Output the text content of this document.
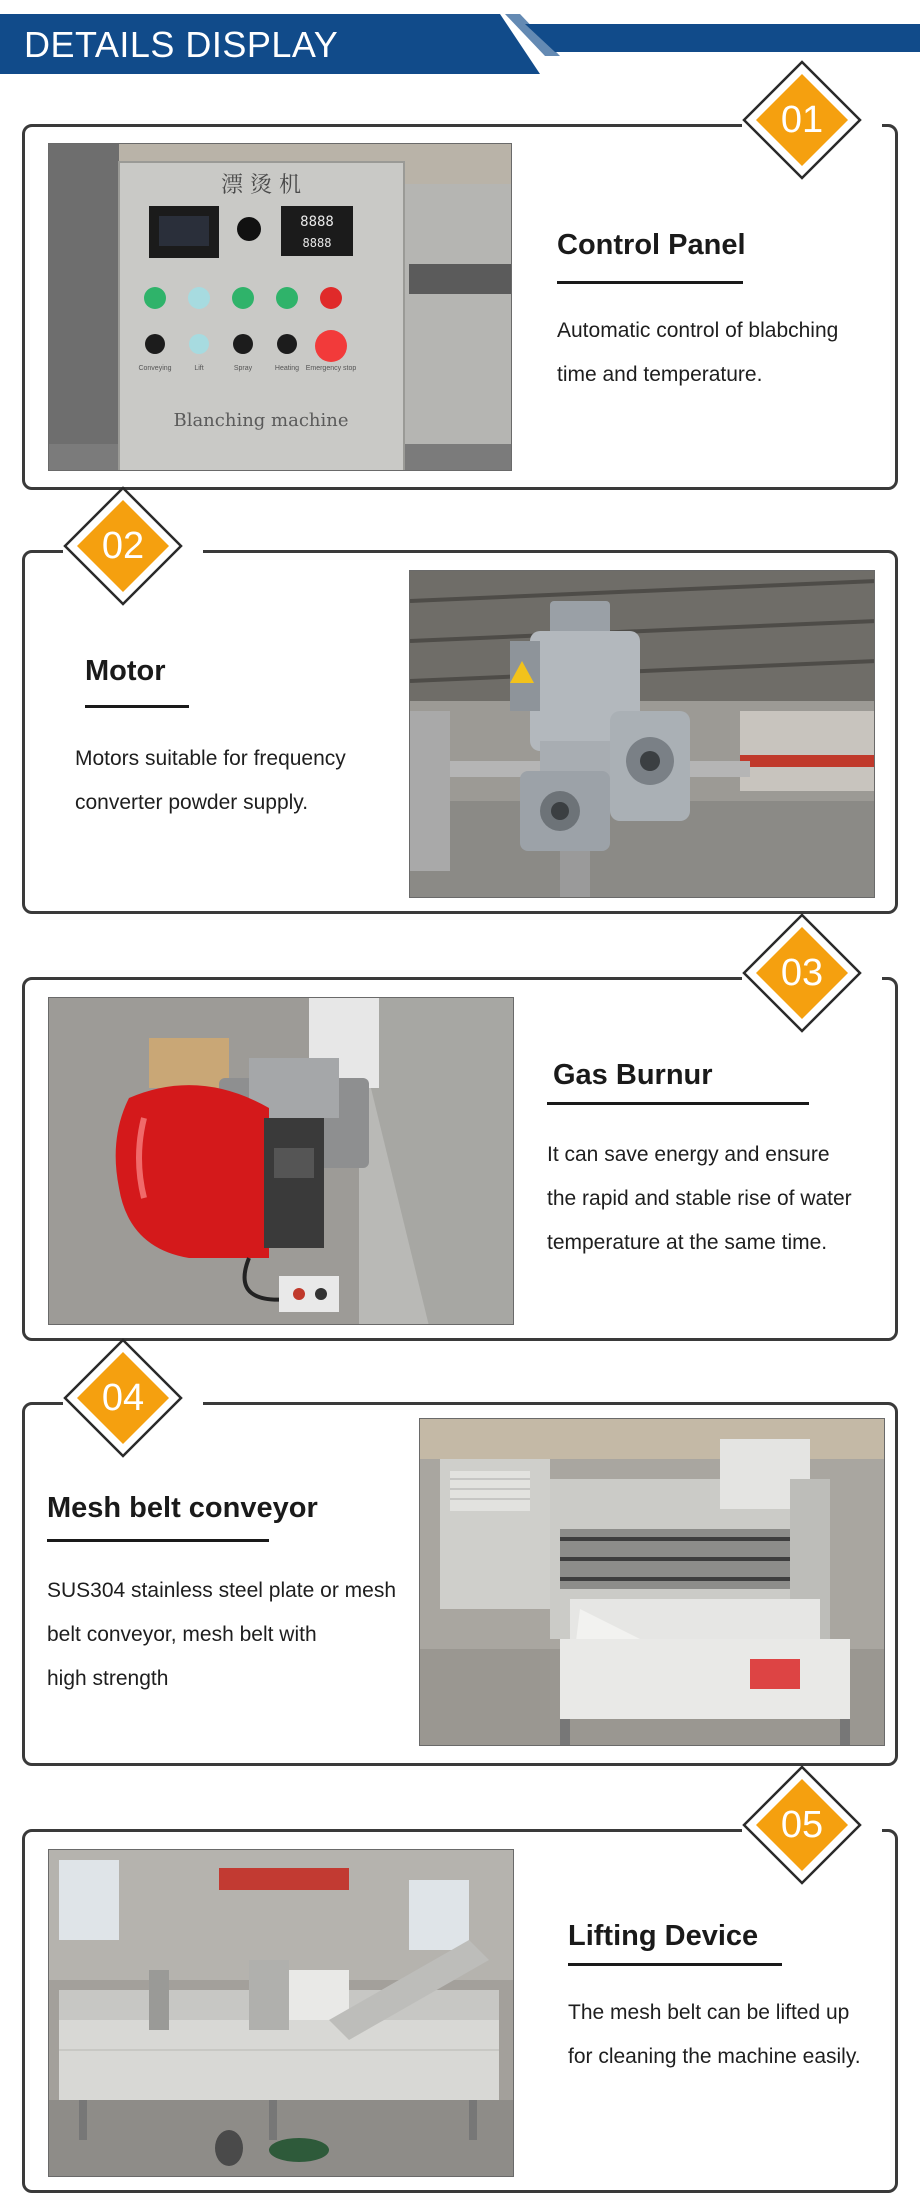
DETAILS DISPLAY
01
漂 烫 机
8888
8888
Conveying	Lift	Spray	Heating Emergency stop
Blanching machine
Control Panel
Automatic control of blabching
time and temperature.
02
Motor
Motors suitable for frequency
converter powder supply.
03
Gas Burnur
It can save energy and ensure
the rapid and stable rise of water
temperature at the same time.
04
Mesh belt conveyor
SUS304 stainless steel plate or mesh
belt conveyor, mesh belt with
high strength
05
Lifting Device
The mesh belt can be lifted up
for cleaning the machine easily.
